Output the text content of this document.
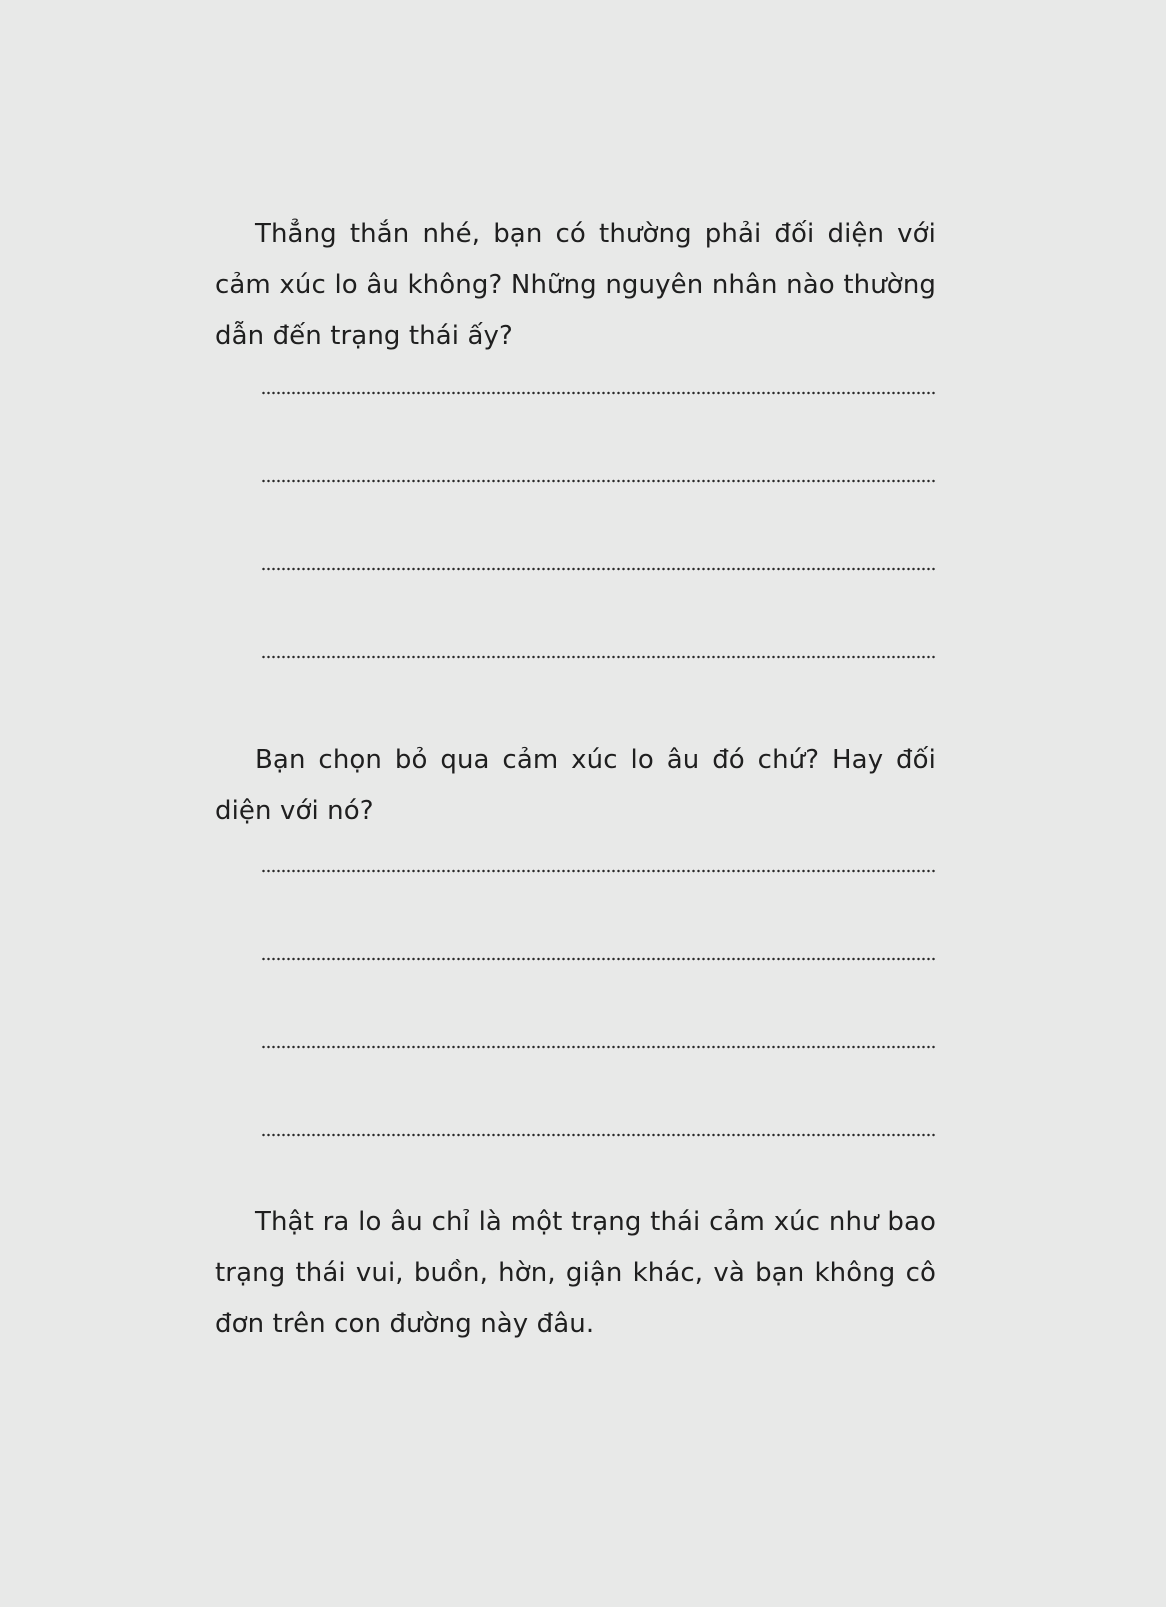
Thẳng thắn nhé, bạn có thường phải đối diện với cảm xúc lo âu không? Những nguyên nhân nào thường dẫn đến trạng thái ấy?

Bạn chọn bỏ qua cảm xúc lo âu đó chứ? Hay đối diện với nó?

Thật ra lo âu chỉ là một trạng thái cảm xúc như bao trạng thái vui, buồn, hờn, giận khác, và bạn không cô đơn trên con đường này đâu.
